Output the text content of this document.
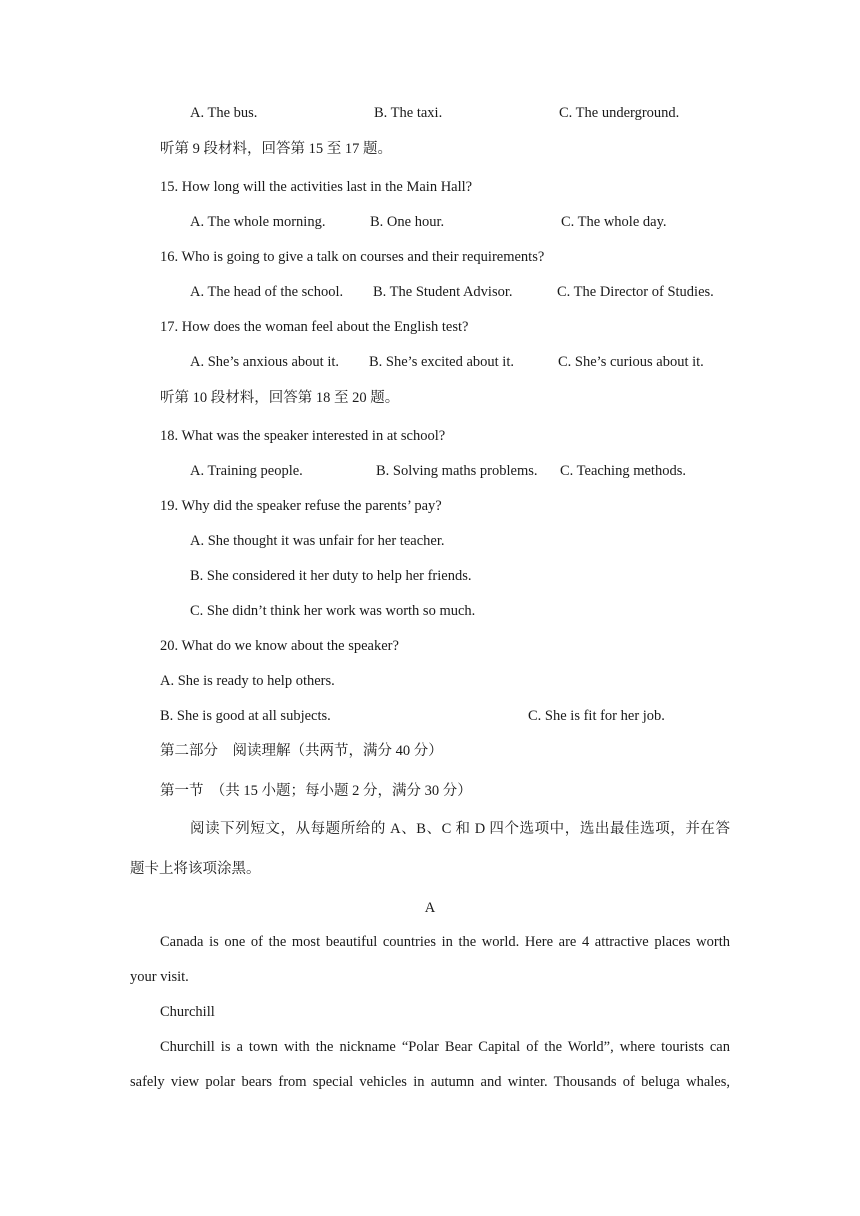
A. The bus.	B. The taxi.	C. The underground.
听第 9 段材料，回答第 15 至 17 题。
15. How long will the activities last in the Main Hall?
A. The whole morning.	B. One hour.	C. The whole day.
16. Who is going to give a talk on courses and their requirements?
A. The head of the school. B. The Student Advisor.	C. The Director of Studies.
17. How does the woman feel about the English test?
A. She’s anxious about it. B. She’s excited about it.	C. She’s curious about it.
听第 10 段材料，回答第 18 至 20 题。
18. What was the speaker interested in at school?
A. Training people.	B. Solving maths problems. C. Teaching methods.
19. Why did the speaker refuse the parents’ pay?
A. She thought it was unfair for her teacher.
B. She considered it her duty to help her friends.
C. She didn’t think her work was worth so much.
20. What do we know about the speaker?
A. She is ready to help others.
B. She is good at all subjects.	C. She is fit for her job.
第二部分　阅读理解（共两节，满分 40 分）
第一节　（共 15 小题；每小题 2 分，满分 30 分）
阅读下列短文，从每题所给的 A、B、C 和 D 四个选项中，选出最佳选项，并在答
题卡上将该项涂黑。
A
Canada is one of the most beautiful countries in the world. Here are 4 attractive places worth
your visit.
Churchill
Churchill is a town with the nickname “Polar Bear Capital of the World”, where tourists can
safely view polar bears from special vehicles in autumn and winter. Thousands of beluga whales,
